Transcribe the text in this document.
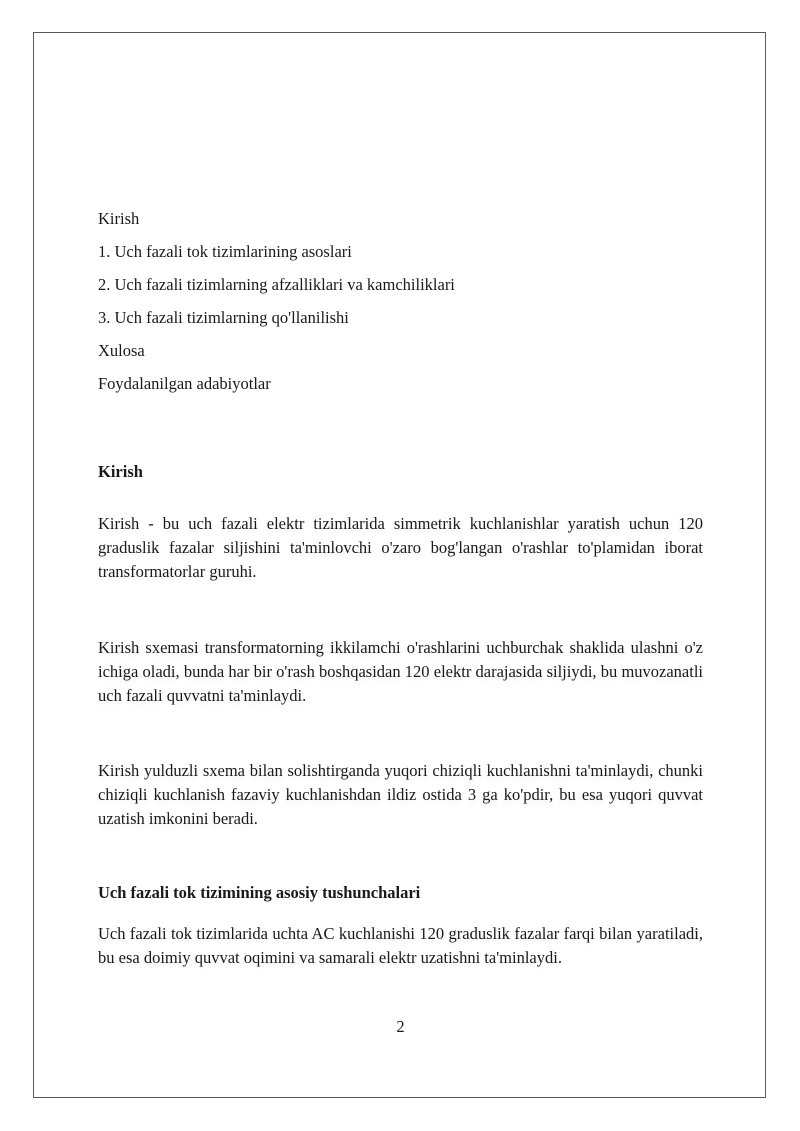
Kirish
1. Uch fazali tok tizimlarining asoslari
2. Uch fazali tizimlarning afzalliklari va kamchiliklari
3. Uch fazali tizimlarning qo'llanilishi
Xulosa
Foydalanilgan adabiyotlar
Kirish
Kirish - bu uch fazali elektr tizimlarida simmetrik kuchlanishlar yaratish uchun 120 graduslik fazalar siljishini ta'minlovchi o'zaro bog'langan o'rashlar to'plamidan iborat transformatorlar guruhi.
Kirish sxemasi transformatorning ikkilamchi o'rashlarini uchburchak shaklida ulashni o'z ichiga oladi, bunda har bir o'rash boshqasidan 120 elektr darajasida siljiydi, bu muvozanatli uch fazali quvvatni ta'minlaydi.
Kirish yulduzli sxema bilan solishtirganda yuqori chiziqli kuchlanishni ta'minlaydi, chunki chiziqli kuchlanish fazaviy kuchlanishdan ildiz ostida 3 ga ko'pdir, bu esa yuqori quvvat uzatish imkonini beradi.
Uch fazali tok tizimining asosiy tushunchalari
Uch fazali tok tizimlarida uchta AC kuchlanishi 120 graduslik fazalar farqi bilan yaratiladi, bu esa doimiy quvvat oqimini va samarali elektr uzatishni ta'minlaydi.
2
